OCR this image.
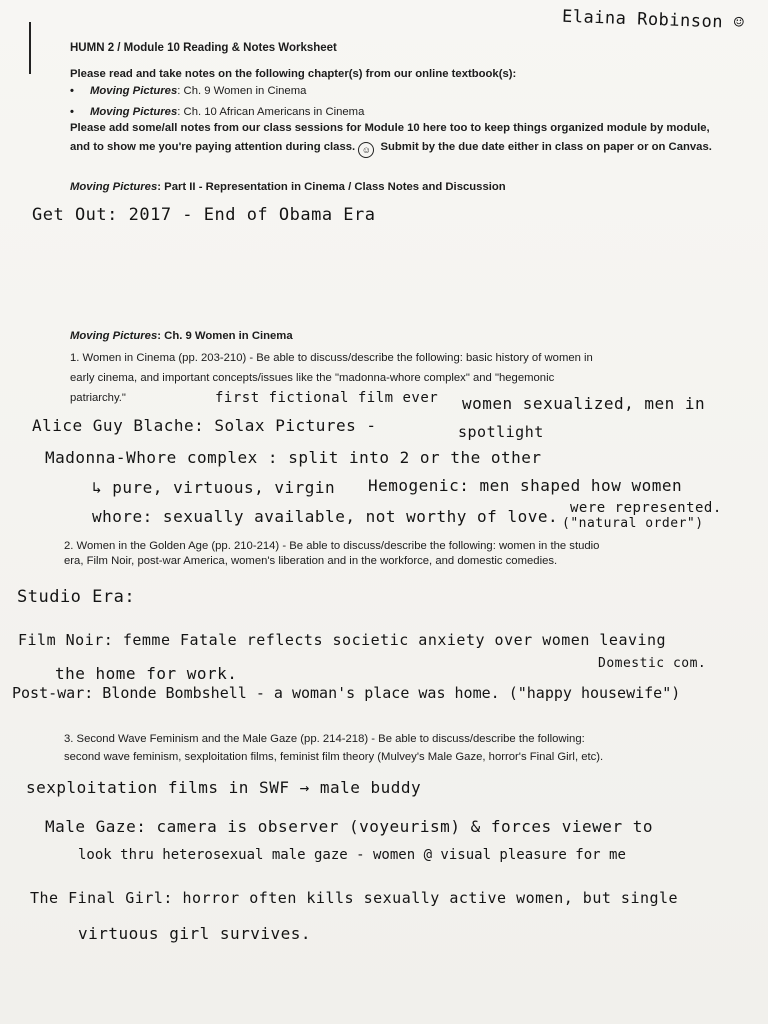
Elaina Robinson ☺
HUMN 2 / Module 10 Reading & Notes Worksheet
Please read and take notes on the following chapter(s) from our online textbook(s):
• Moving Pictures: Ch. 9 Women in Cinema
• Moving Pictures: Ch. 10 African Americans in Cinema
Please add some/all notes from our class sessions for Module 10 here too to keep things organized module by module,
and to show me you're paying attention during class. ☺ Submit by the due date either in class on paper or on Canvas.
Moving Pictures: Part II - Representation in Cinema / Class Notes and Discussion
Get Out: 2017 - End of Obama Era
Moving Pictures: Ch. 9 Women in Cinema
1. Women in Cinema (pp. 203-210) - Be able to discuss/describe the following: basic history of women in
early cinema, and important concepts/issues like the "madonna-whore complex" and "hegemonic
patriarchy."	first fictional film ever women sexualized, men in
Alice Guy Blache: Solax Pictures -	spotlight
Madonna-Whore complex : split into 2 or the other
↳ pure, virtuous, virgin Hemogenic: men shaped how women
whore: sexually available, not worthy of love. were represented.
("natural order")
2. Women in the Golden Age (pp. 210-214) - Be able to discuss/describe the following: women in the studio
era, Film Noir, post-war America, women's liberation and in the workforce, and domestic comedies.
Studio Era:
Film Noir: femme Fatale reflects societic anxiety over women leaving
the home for work.
Domestic com.
Post-war: Blonde Bombshell - a woman's place was home. ("happy housewife")
3. Second Wave Feminism and the Male Gaze (pp. 214-218) - Be able to discuss/describe the following:
second wave feminism, sexploitation films, feminist film theory (Mulvey's Male Gaze, horror's Final Girl, etc).
sexploitation films in SWF → male buddy
Male Gaze: camera is observer (voyeurism) & forces viewer to
look thru heterosexual male gaze - women @ visual pleasure for me
The Final Girl: horror often kills sexually active women, but single
virtuous girl survives.
